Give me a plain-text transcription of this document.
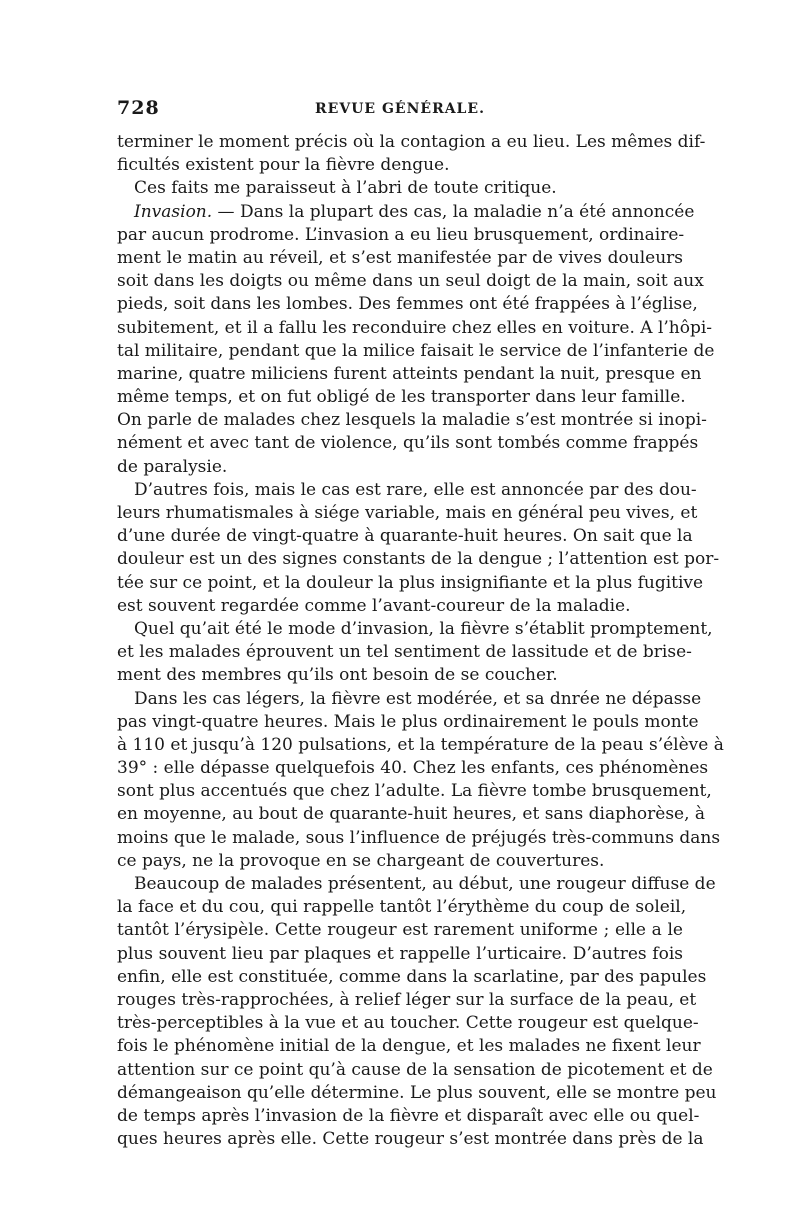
728	REVUE GÉNÉRALE.
terminer le moment précis où la contagion a eu lieu. Les mêmes dif-
ficultés existent pour la fièvre dengue.
Ces faits me paraisseut à l’abri de toute critique.
Invasion. — Dans la plupart des cas, la maladie n’a été annoncée
par aucun prodrome. L’invasion a eu lieu brusquement, ordinaire-
ment le matin au réveil, et s’est manifestée par de vives douleurs
soit dans les doigts ou même dans un seul doigt de la main, soit aux
pieds, soit dans les lombes. Des femmes ont été frappées à l’église,
subitement, et il a fallu les reconduire chez elles en voiture. A l’hôpi-
tal militaire, pendant que la milice faisait le service de l’infanterie de
marine, quatre miliciens furent atteints pendant la nuit, presque en
même temps, et on fut obligé de les transporter dans leur famille.
On parle de malades chez lesquels la maladie s’est montrée si inopi-
nément et avec tant de violence, qu’ils sont tombés comme frappés
de paralysie.
D’autres fois, mais le cas est rare, elle est annoncée par des dou-
leurs rhumatismales à siége variable, mais en général peu vives, et
d’une durée de vingt-quatre à quarante-huit heures. On sait que la
douleur est un des signes constants de la dengue ; l’attention est por-
tée sur ce point, et la douleur la plus insignifiante et la plus fugitive
est souvent regardée comme l’avant-coureur de la maladie.
Quel qu’ait été le mode d’invasion, la fièvre s’établit promptement,
et les malades éprouvent un tel sentiment de lassitude et de brise-
ment des membres qu’ils ont besoin de se coucher.
Dans les cas légers, la fièvre est modérée, et sa dnrée ne dépasse
pas vingt-quatre heures. Mais le plus ordinairement le pouls monte
à 110 et jusqu’à 120 pulsations, et la température de la peau s’élève à
39° : elle dépasse quelquefois 40. Chez les enfants, ces phénomènes
sont plus accentués que chez l’adulte. La fièvre tombe brusquement,
en moyenne, au bout de quarante-huit heures, et sans diaphorèse, à
moins que le malade, sous l’influence de préjugés très-communs dans
ce pays, ne la provoque en se chargeant de couvertures.
Beaucoup de malades présentent, au début, une rougeur diffuse de
la face et du cou, qui rappelle tantôt l’érythème du coup de soleil,
tantôt l’érysipèle. Cette rougeur est rarement uniforme ; elle a le
plus souvent lieu par plaques et rappelle l’urticaire. D’autres fois
enfin, elle est constituée, comme dans la scarlatine, par des papules
rouges très-rapprochées, à relief léger sur la surface de la peau, et
très-perceptibles à la vue et au toucher. Cette rougeur est quelque-
fois le phénomène initial de la dengue, et les malades ne fixent leur
attention sur ce point qu’à cause de la sensation de picotement et de
démangeaison qu’elle détermine. Le plus souvent, elle se montre peu
de temps après l’invasion de la fièvre et disparaît avec elle ou quel-
ques heures après elle. Cette rougeur s’est montrée dans près de la
